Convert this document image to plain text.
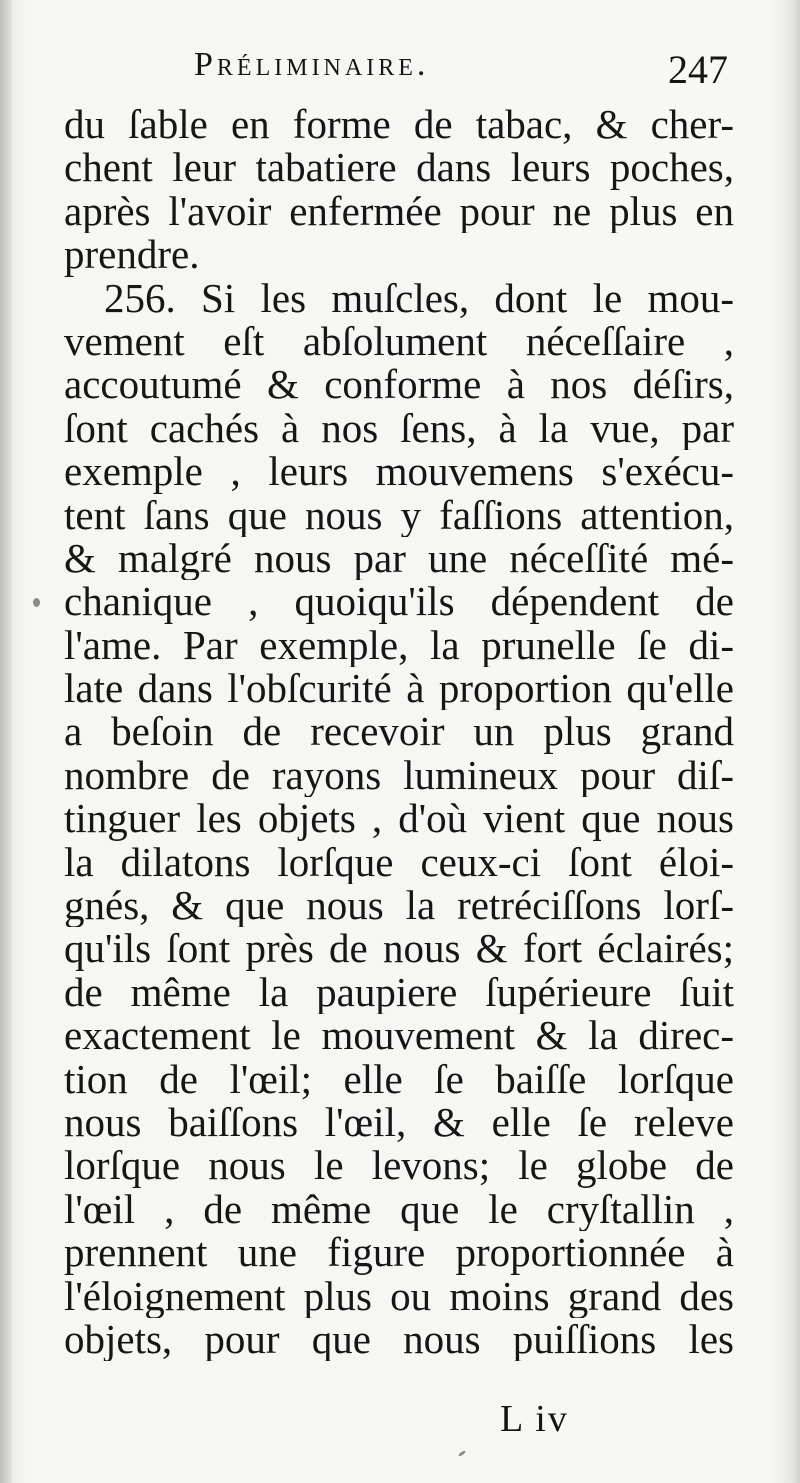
Préliminaire.	247
du ſable en forme de tabac, & cher-
chent leur tabatiere dans leurs poches,
après l'avoir enfermée pour ne plus en
prendre.
256. Si les muſcles, dont le mou-
vement eſt abſolument néceſſaire ,
accoutumé & conforme à nos déſirs,
ſont cachés à nos ſens, à la vue, par
exemple , leurs mouvemens s'exécu-
tent ſans que nous y faſſions attention,
& malgré nous par une néceſſité mé-
chanique , quoiqu'ils dépendent de
l'ame. Par exemple, la prunelle ſe di-
late dans l'obſcurité à proportion qu'elle
a beſoin de recevoir un plus grand
nombre de rayons lumineux pour diſ-
tinguer les objets , d'où vient que nous
la dilatons lorſque ceux-ci ſont éloi-
gnés, & que nous la retréciſſons lorſ-
qu'ils ſont près de nous & fort éclairés;
de même la paupiere ſupérieure ſuit
exactement le mouvement & la direc-
tion de l'œil; elle ſe baiſſe lorſque
nous baiſſons l'œil, & elle ſe releve
lorſque nous le levons; le globe de
l'œil , de même que le cryſtallin ,
prennent une figure proportionnée à
l'éloignement plus ou moins grand des
objets, pour que nous puiſſions les
L iv
